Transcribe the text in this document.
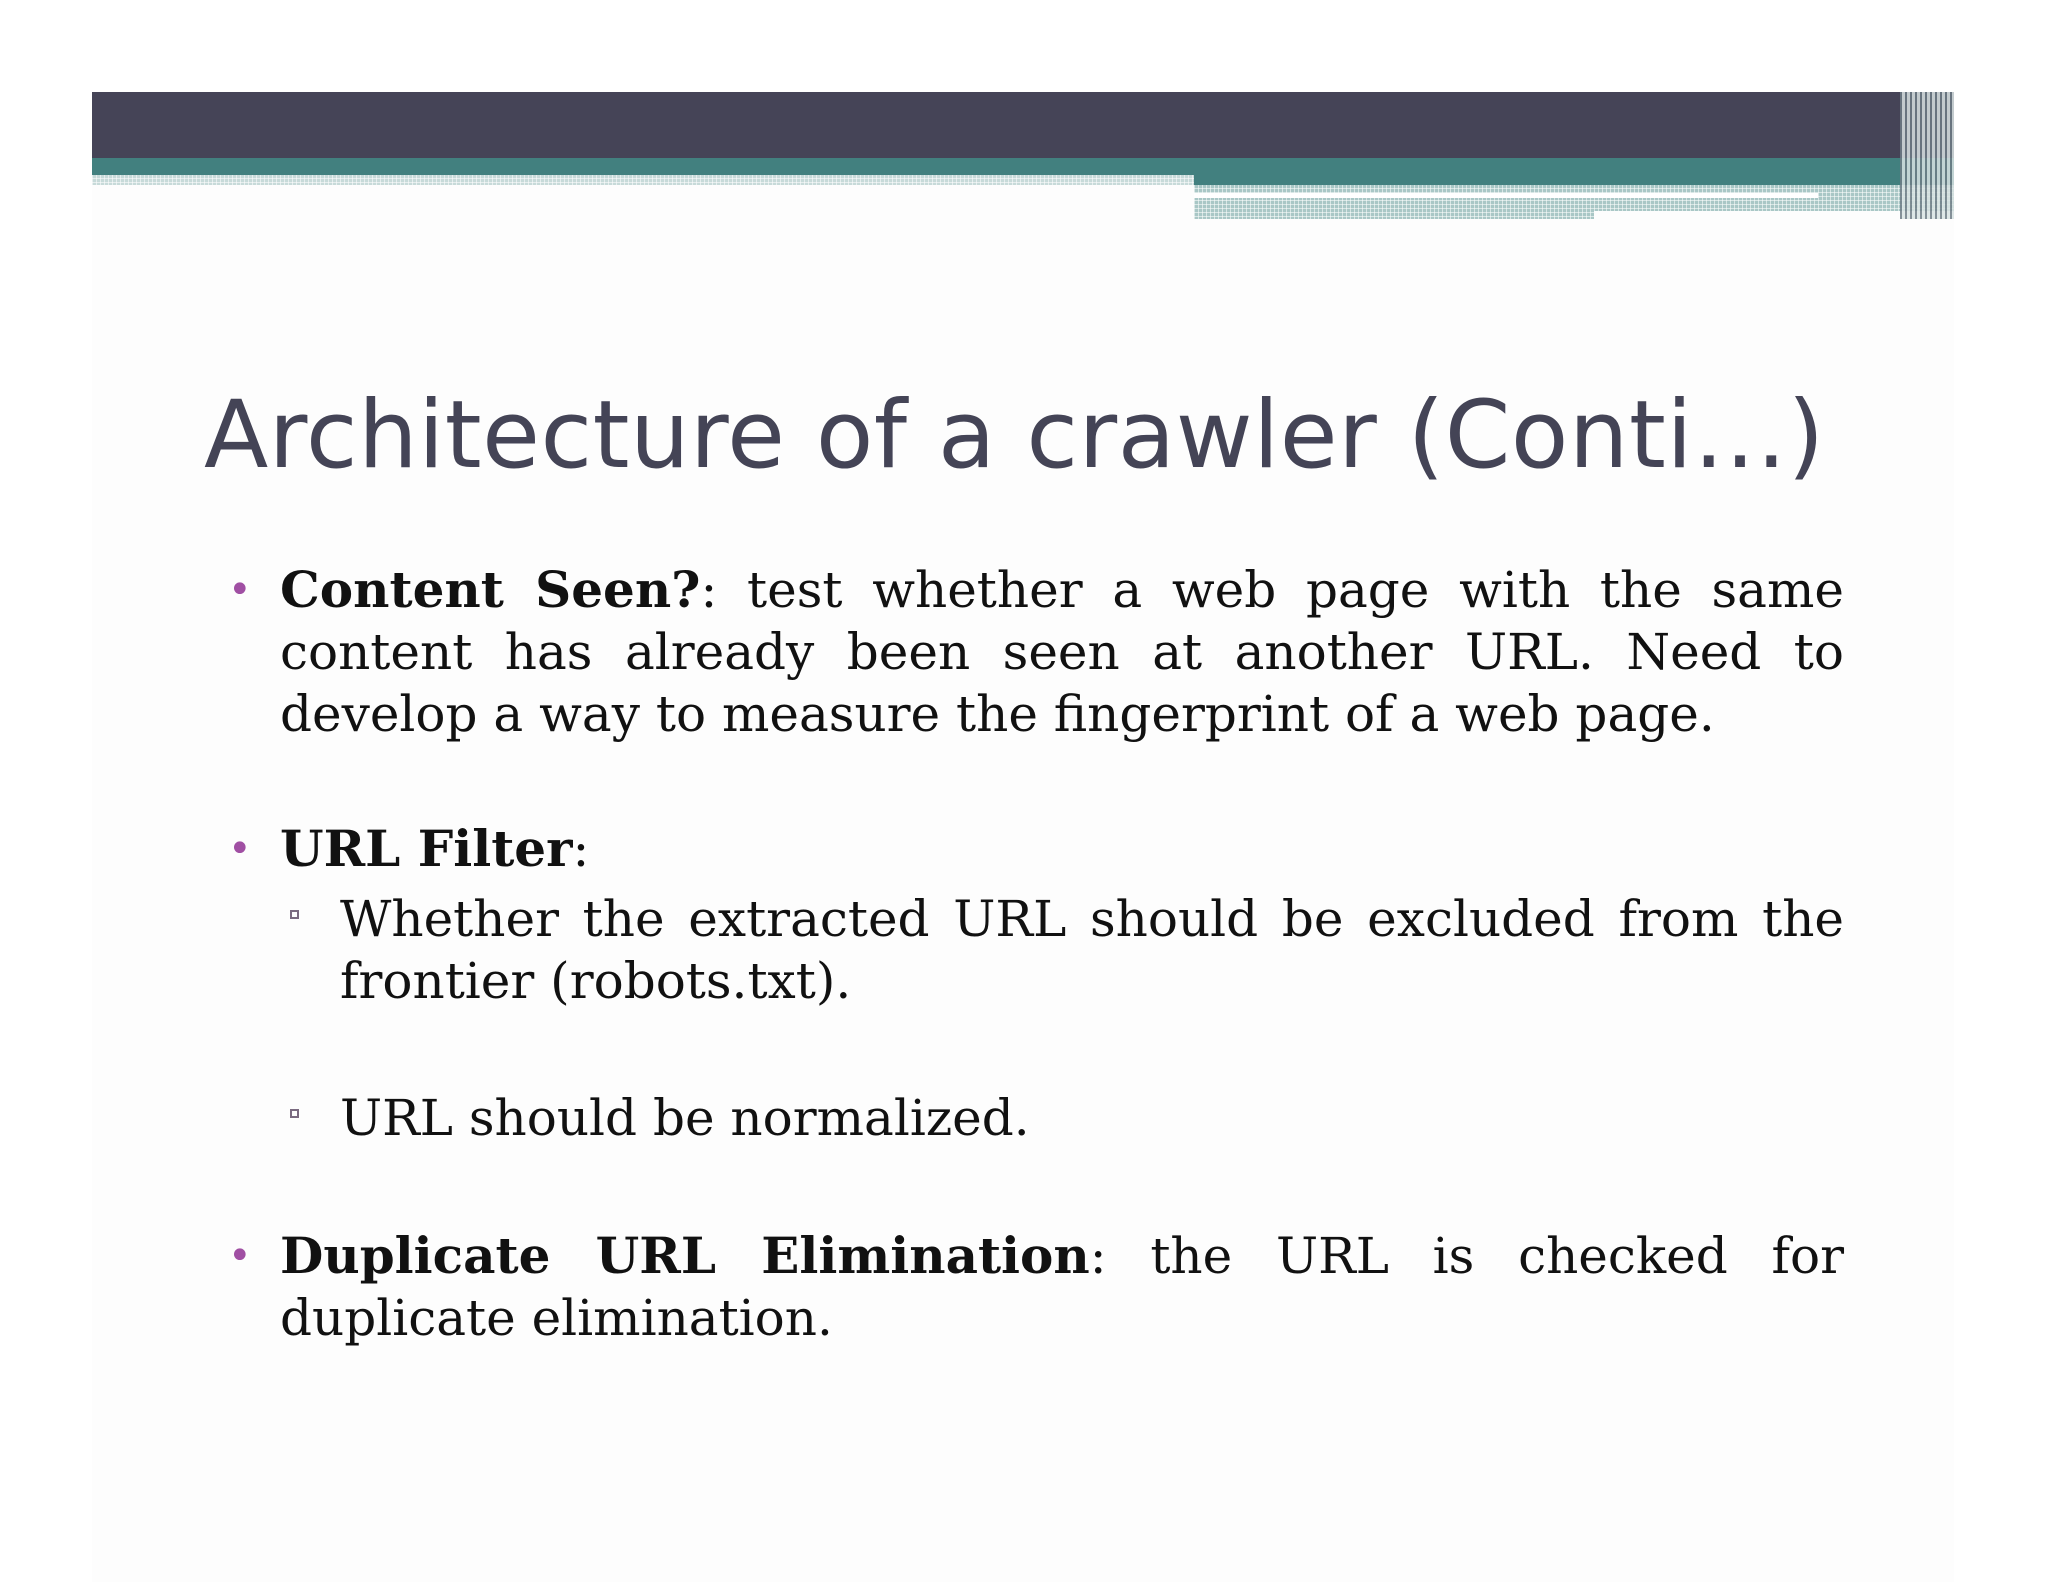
Architecture of a crawler (Conti…)
• Content Seen?: test whether a web page with the same content has already been seen at another URL. Need to develop a way to measure the fingerprint of a web page.
• URL Filter:
Whether the extracted URL should be excluded from the frontier (robots.txt).
URL should be normalized.
• Duplicate URL Elimination: the URL is checked for duplicate elimination.
